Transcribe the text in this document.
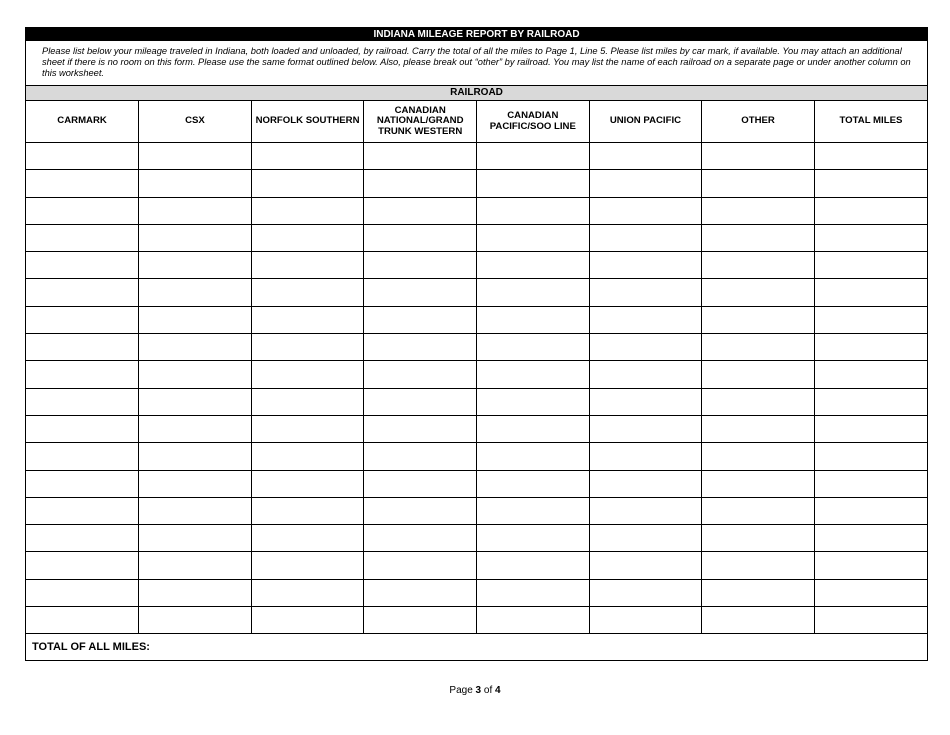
INDIANA MILEAGE REPORT BY RAILROAD
Please list below your mileage traveled in Indiana, both loaded and unloaded, by railroad. Carry the total of all the miles to Page 1, Line 5. Please list miles by car mark, if available. You may attach an additional sheet if there is no room on this form. Please use the same format outlined below. Also, please break out “other” by railroad. You may list the name of each railroad on a separate page or under another column on this worksheet.
RAILROAD
CARMARK	CSX	NORFOLK SOUTHERN	CANADIAN NATIONAL/GRAND TRUNK WESTERN	CANADIAN PACIFIC/SOO LINE	UNION PACIFIC	OTHER	TOTAL MILES

TOTAL OF ALL MILES:							
Page 3 of 4
